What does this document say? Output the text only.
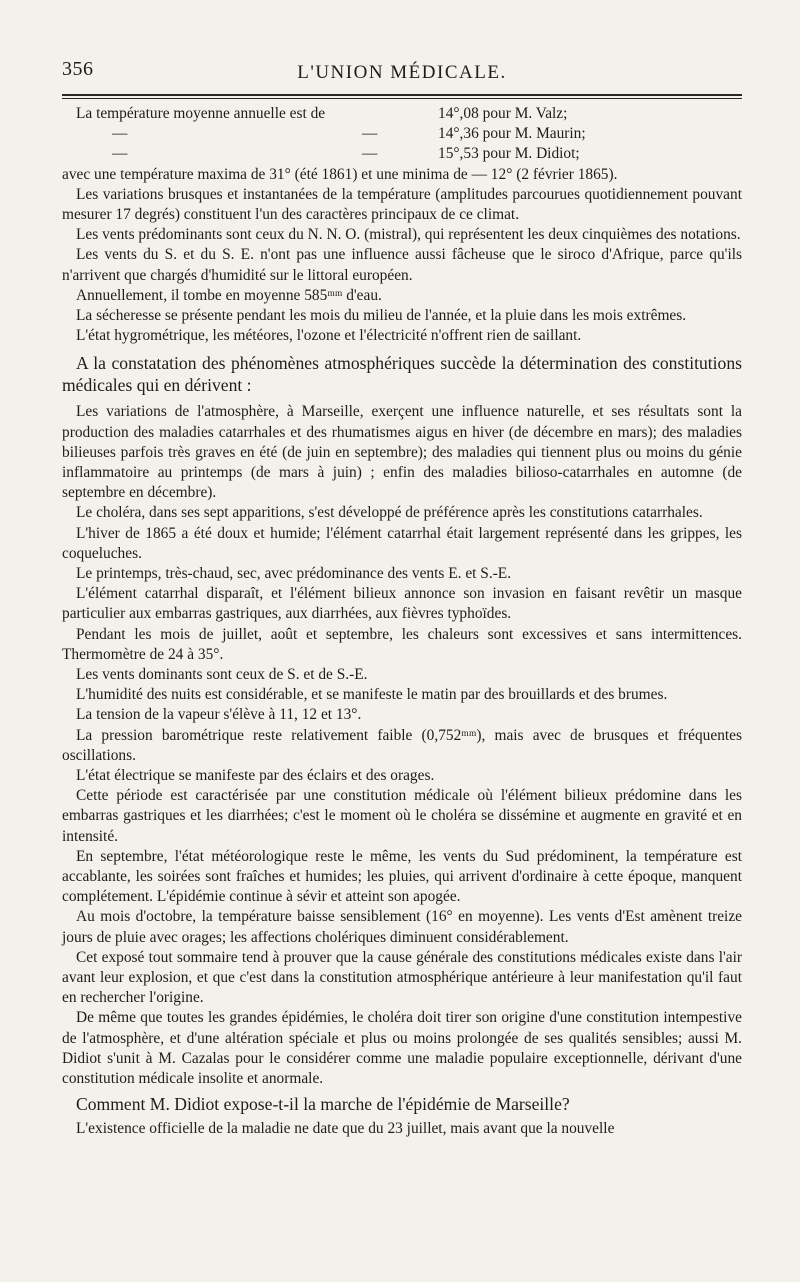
356	L'UNION MÉDICALE.
La température moyenne annuelle est de	14°,08 pour M. Valz;
—	—	14°,36 pour M. Maurin;
—	—	15°,53 pour M. Didiot;

avec une température maxima de 31° (été 1861) et une minima de — 12° (2 février 1865).

Les variations brusques et instantanées de la température (amplitudes parcourues quotidiennement pouvant mesurer 17 degrés) constituent l'un des caractères principaux de ce climat.

Les vents prédominants sont ceux du N. N. O. (mistral), qui représentent les deux cinquièmes des notations.

Les vents du S. et du S. E. n'ont pas une influence aussi fâcheuse que le siroco d'Afrique, parce qu'ils n'arrivent que chargés d'humidité sur le littoral européen.

Annuellement, il tombe en moyenne 585ᵐᵐ d'eau.

La sécheresse se présente pendant les mois du milieu de l'année, et la pluie dans les mois extrêmes.

L'état hygrométrique, les météores, l'ozone et l'électricité n'offrent rien de saillant.

A la constatation des phénomènes atmosphériques succède la détermination des constitutions médicales qui en dérivent :

Les variations de l'atmosphère, à Marseille, exerçent une influence naturelle, et ses résultats sont la production des maladies catarrhales et des rhumatismes aigus en hiver (de décembre en mars); des maladies bilieuses parfois très graves en été (de juin en septembre); des maladies qui tiennent plus ou moins du génie inflammatoire au printemps (de mars à juin) ; enfin des maladies bilioso-catarrhales en automne (de septembre en décembre).

Le choléra, dans ses sept apparitions, s'est développé de préférence après les constitutions catarrhales.

L'hiver de 1865 a été doux et humide; l'élément catarrhal était largement représenté dans les grippes, les coqueluches.

Le printemps, très-chaud, sec, avec prédominance des vents E. et S.-E.

L'élément catarrhal disparaît, et l'élément bilieux annonce son invasion en faisant revêtir un masque particulier aux embarras gastriques, aux diarrhées, aux fièvres typhoïdes.

Pendant les mois de juillet, août et septembre, les chaleurs sont excessives et sans intermittences. Thermomètre de 24 à 35°.

Les vents dominants sont ceux de S. et de S.-E.

L'humidité des nuits est considérable, et se manifeste le matin par des brouillards et des brumes.

La tension de la vapeur s'élève à 11, 12 et 13°.

La pression barométrique reste relativement faible (0,752ᵐᵐ), mais avec de brusques et fréquentes oscillations.

L'état électrique se manifeste par des éclairs et des orages.

Cette période est caractérisée par une constitution médicale où l'élément bilieux prédomine dans les embarras gastriques et les diarrhées; c'est le moment où le choléra se dissémine et augmente en gravité et en intensité.

En septembre, l'état météorologique reste le même, les vents du Sud prédominent, la température est accablante, les soirées sont fraîches et humides; les pluies, qui arrivent d'ordinaire à cette époque, manquent complétement. L'épidémie continue à sévir et atteint son apogée.

Au mois d'octobre, la température baisse sensiblement (16° en moyenne). Les vents d'Est amènent treize jours de pluie avec orages; les affections cholériques diminuent considérablement.

Cet exposé tout sommaire tend à prouver que la cause générale des constitutions médicales existe dans l'air avant leur explosion, et que c'est dans la constitution atmosphérique antérieure à leur manifestation qu'il faut en rechercher l'origine.

De même que toutes les grandes épidémies, le choléra doit tirer son origine d'une constitution intempestive de l'atmosphère, et d'une altération spéciale et plus ou moins prolongée de ses qualités sensibles; aussi M. Didiot s'unit à M. Cazalas pour le considérer comme une maladie populaire exceptionnelle, dérivant d'une constitution médicale insolite et anormale.

Comment M. Didiot expose-t-il la marche de l'épidémie de Marseille?

L'existence officielle de la maladie ne date que du 23 juillet, mais avant que la nouvelle
